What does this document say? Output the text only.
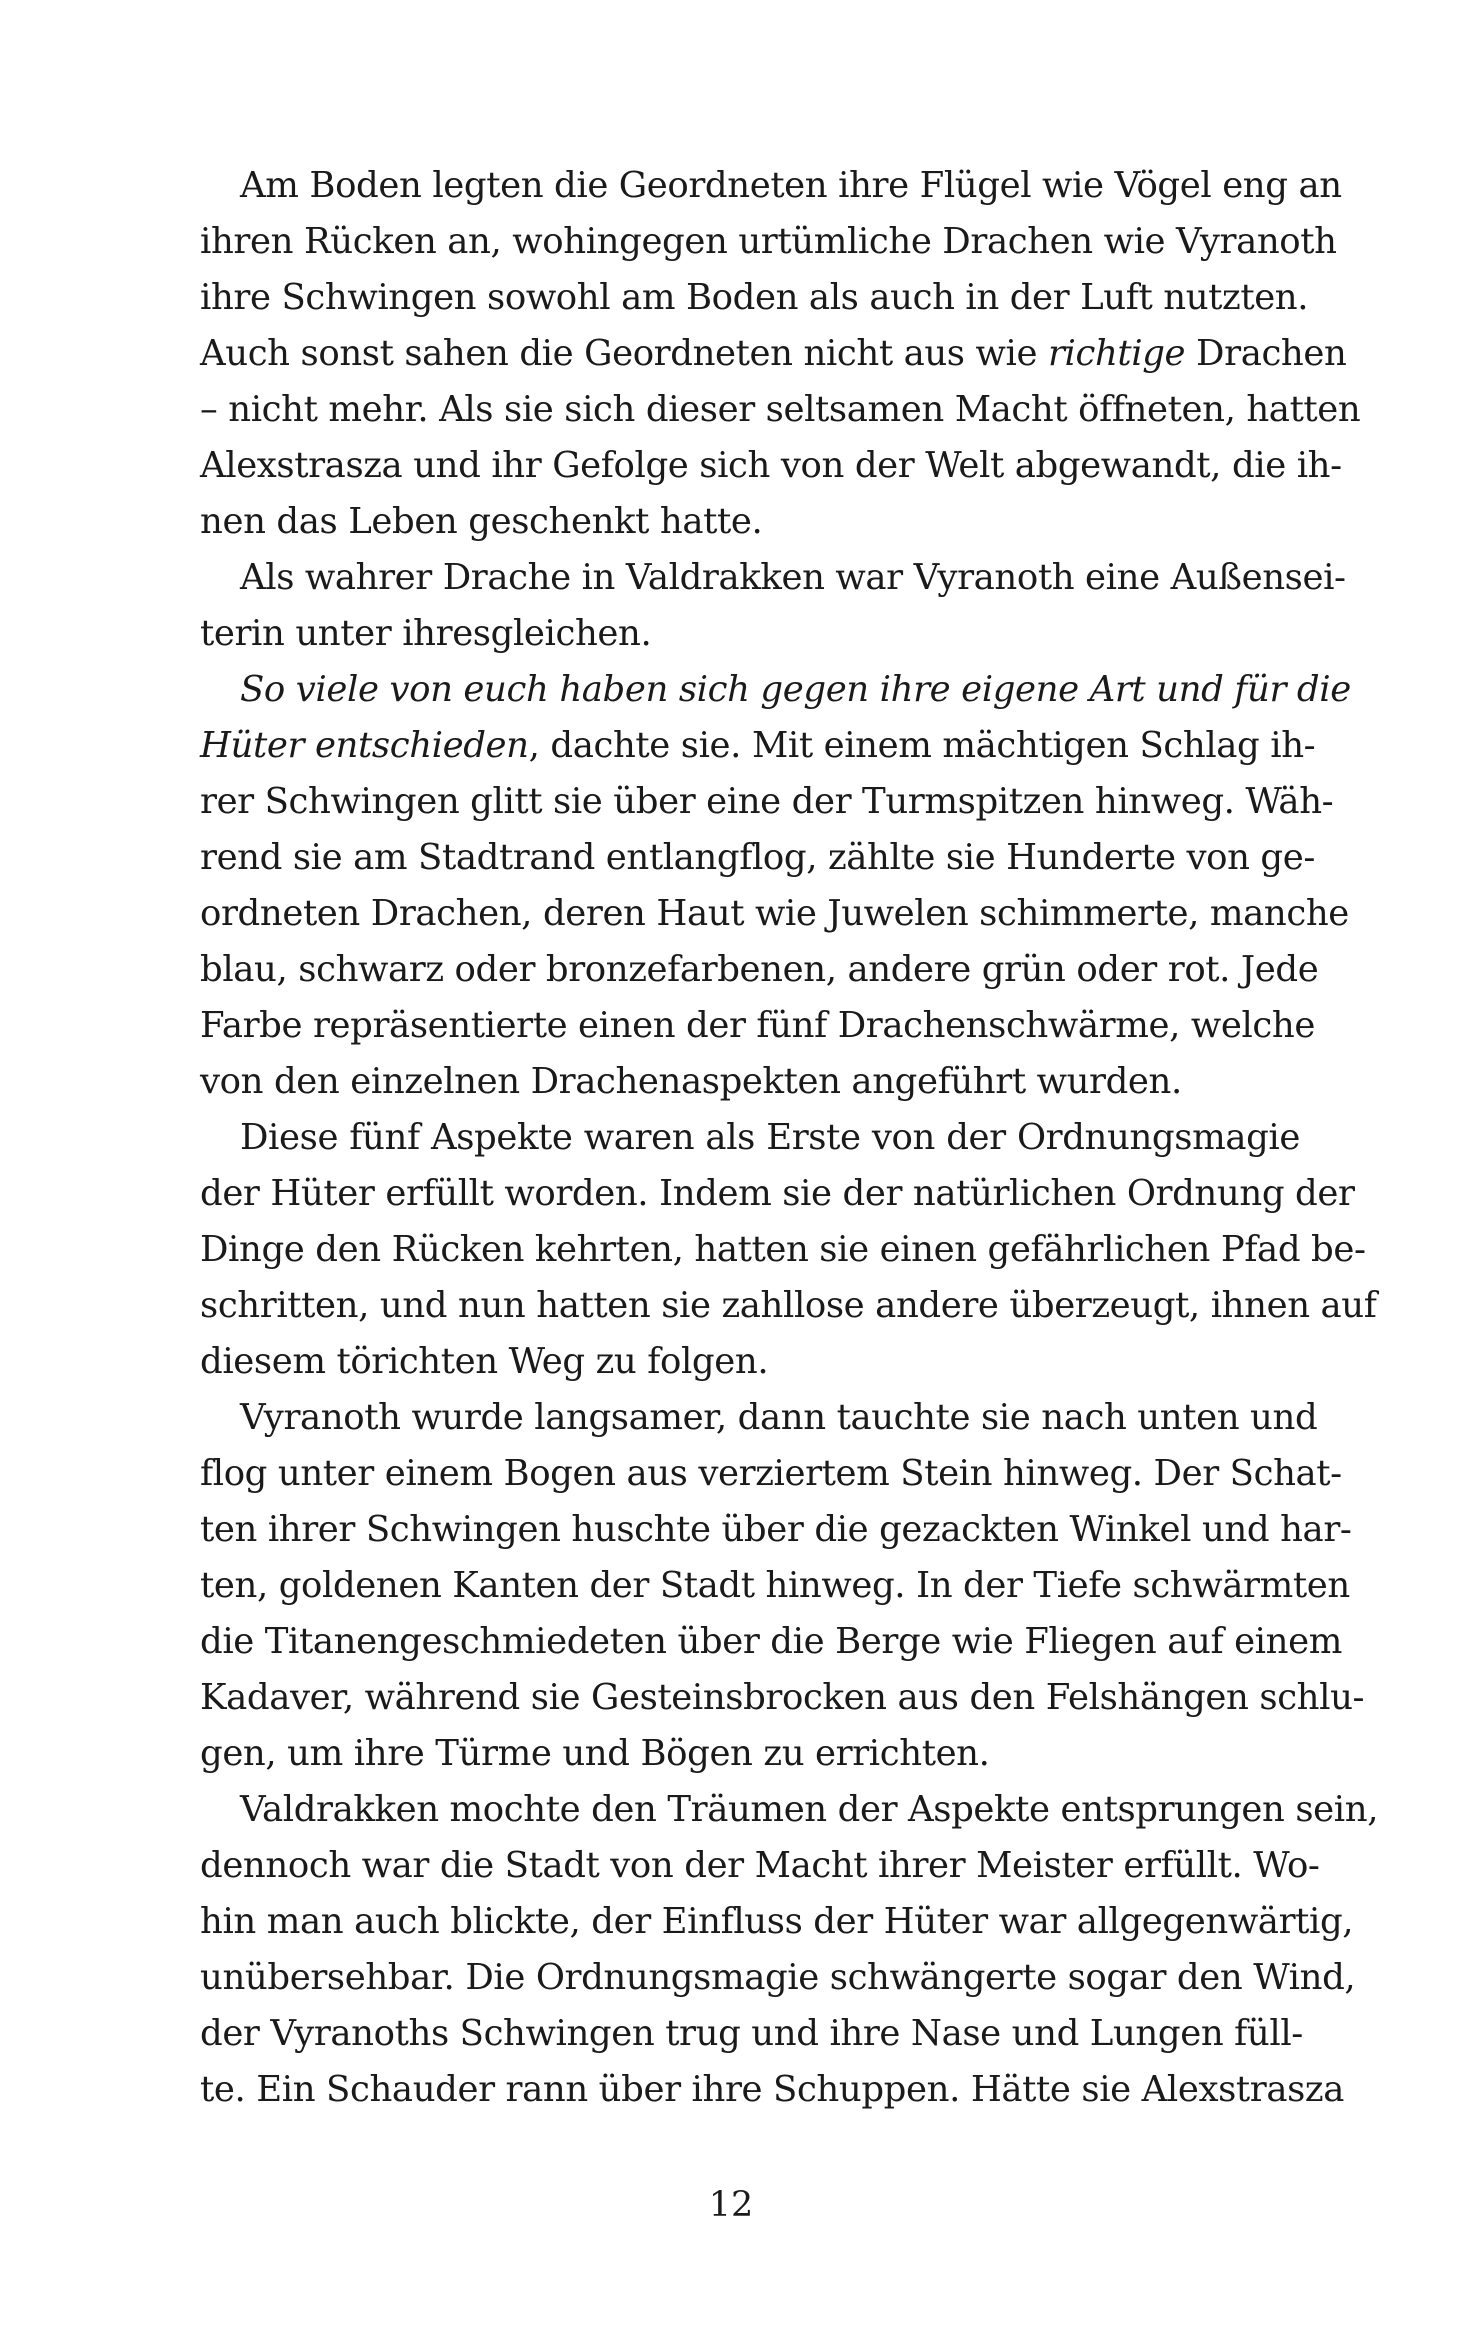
Am Boden legten die Geordneten ihre Flügel wie Vögel eng an
ihren Rücken an, wohingegen urtümliche Drachen wie Vyranoth
ihre Schwingen sowohl am Boden als auch in der Luft nutzten.
Auch sonst sahen die Geordneten nicht aus wie richtige Drachen
– nicht mehr. Als sie sich dieser seltsamen Macht öffneten, hatten
Alexstrasza und ihr Gefolge sich von der Welt abgewandt, die ih-
nen das Leben geschenkt hatte.
Als wahrer Drache in Valdrakken war Vyranoth eine Außensei-
terin unter ihresgleichen.
So viele von euch haben sich gegen ihre eigene Art und für die
Hüter entschieden, dachte sie. Mit einem mächtigen Schlag ih-
rer Schwingen glitt sie über eine der Turmspitzen hinweg. Wäh-
rend sie am Stadtrand entlangflog, zählte sie Hunderte von ge-
ordneten Drachen, deren Haut wie Juwelen schimmerte, manche
blau, schwarz oder bronzefarbenen, andere grün oder rot. Jede
Farbe repräsentierte einen der fünf Drachenschwärme, welche
von den einzelnen Drachenaspekten angeführt wurden.
Diese fünf Aspekte waren als Erste von der Ordnungsmagie
der Hüter erfüllt worden. Indem sie der natürlichen Ordnung der
Dinge den Rücken kehrten, hatten sie einen gefährlichen Pfad be-
schritten, und nun hatten sie zahllose andere überzeugt, ihnen auf
diesem törichten Weg zu folgen.
Vyranoth wurde langsamer, dann tauchte sie nach unten und
flog unter einem Bogen aus verziertem Stein hinweg. Der Schat-
ten ihrer Schwingen huschte über die gezackten Winkel und har-
ten, goldenen Kanten der Stadt hinweg. In der Tiefe schwärmten
die Titanengeschmiedeten über die Berge wie Fliegen auf einem
Kadaver, während sie Gesteinsbrocken aus den Felshängen schlu-
gen, um ihre Türme und Bögen zu errichten.
Valdrakken mochte den Träumen der Aspekte entsprungen sein,
dennoch war die Stadt von der Macht ihrer Meister erfüllt. Wo-
hin man auch blickte, der Einfluss der Hüter war allgegenwärtig,
unübersehbar. Die Ordnungsmagie schwängerte sogar den Wind,
der Vyranoths Schwingen trug und ihre Nase und Lungen füll-
te. Ein Schauder rann über ihre Schuppen. Hätte sie Alexstrasza
12
